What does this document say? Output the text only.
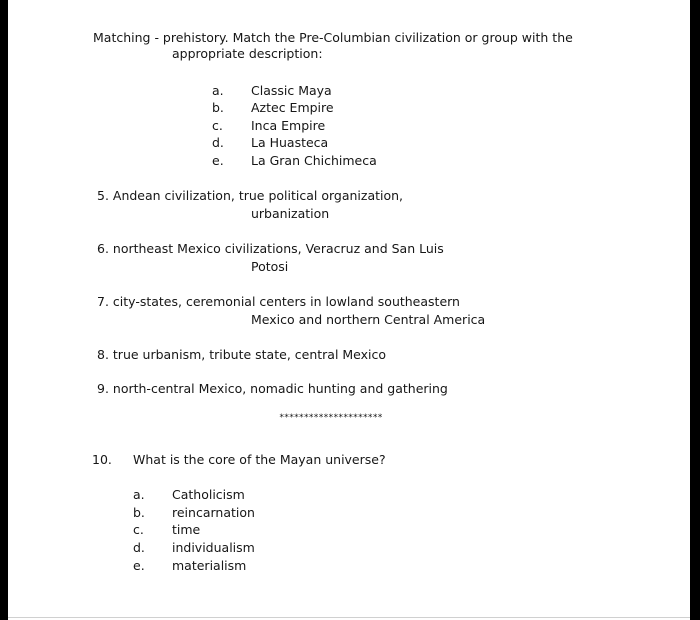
Matching - prehistory. Match the Pre-Columbian civilization or group with the
appropriate description:
a. Classic Maya
b. Aztec Empire
c. Inca Empire
d. La Huasteca
e. La Gran Chichimeca
5. Andean civilization, true political organization,
urbanization
6. northeast Mexico civilizations, Veracruz and San Luis
Potosi
7. city-states, ceremonial centers in lowland southeastern
Mexico and northern Central America
8. true urbanism, tribute state, central Mexico
9. north-central Mexico, nomadic hunting and gathering
*********************
10. What is the core of the Mayan universe?
a. Catholicism
b. reincarnation
c. time
d. individualism
e. materialism
